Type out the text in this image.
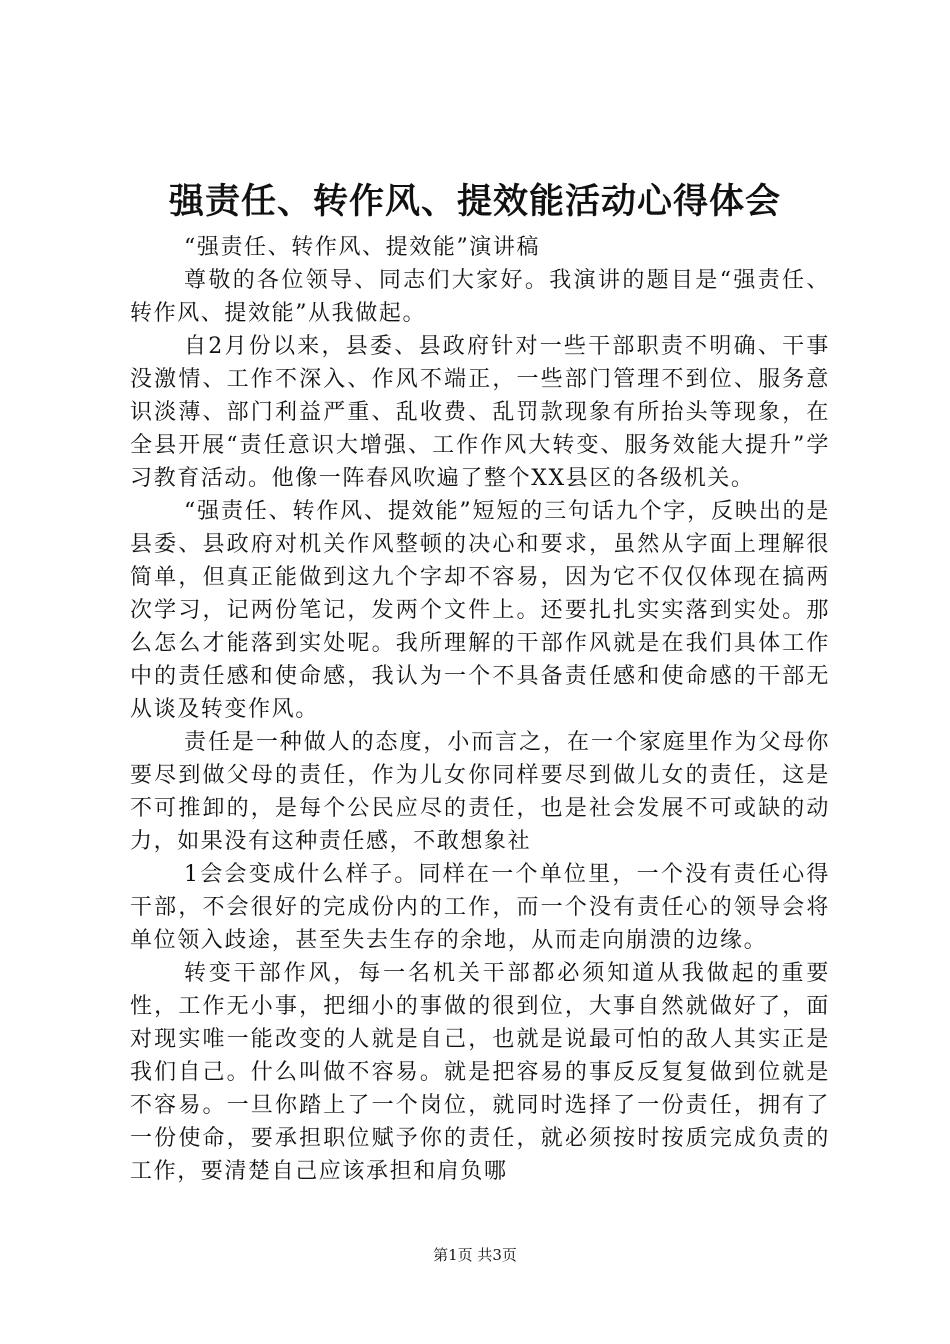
强责任、转作风、提效能活动心得体会

“强责任、转作风、提效能”演讲稿

尊敬的各位领导、同志们大家好。我演讲的题目是“强责任、转作风、提效能”从我做起。

自2月份以来，县委、县政府针对一些干部职责不明确、干事没激情、工作不深入、作风不端正，一些部门管理不到位、服务意识淡薄、部门利益严重、乱收费、乱罚款现象有所抬头等现象，在全县开展“责任意识大增强、工作作风大转变、服务效能大提升”学习教育活动。他像一阵春风吹遍了整个XX县区的各级机关。

“强责任、转作风、提效能”短短的三句话九个字，反映出的是县委、县政府对机关作风整顿的决心和要求，虽然从字面上理解很简单，但真正能做到这九个字却不容易，因为它不仅仅体现在搞两次学习，记两份笔记，发两个文件上。还要扎扎实实落到实处。那么怎么才能落到实处呢。我所理解的干部作风就是在我们具体工作中的责任感和使命感，我认为一个不具备责任感和使命感的干部无从谈及转变作风。

责任是一种做人的态度，小而言之，在一个家庭里作为父母你要尽到做父母的责任，作为儿女你同样要尽到做儿女的责任，这是不可推卸的，是每个公民应尽的责任，也是社会发展不可或缺的动力，如果没有这种责任感，不敢想象社

1会会变成什么样子。同样在一个单位里，一个没有责任心得干部，不会很好的完成份内的工作，而一个没有责任心的领导会将单位领入歧途，甚至失去生存的余地，从而走向崩溃的边缘。

转变干部作风，每一名机关干部都必须知道从我做起的重要性，工作无小事，把细小的事做的很到位，大事自然就做好了，面对现实唯一能改变的人就是自己，也就是说最可怕的敌人其实正是我们自己。什么叫做不容易。就是把容易的事反反复复做到位就是不容易。一旦你踏上了一个岗位，就同时选择了一份责任，拥有了一份使命，要承担职位赋予你的责任，就必须按时按质完成负责的工作，要清楚自己应该承担和肩负哪

第1页 共3页
